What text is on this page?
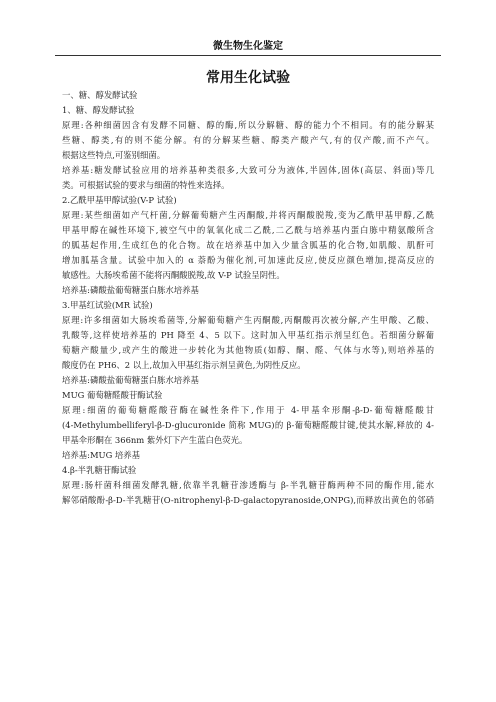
微生物生化鉴定
常用生化试验
一、糖、醇发酵试验
1、糖、醇发酵试验
原理:各种细菌因含有发酵不同糖、醇的酶,所以分解糖、醇的能力个不相同。有的能分解某
些糖、醇类,有的则不能分解。有的分解某些糖、醇类产酸产气,有的仅产酸,而不产气。
根据这些特点,可鉴别细菌。
培养基:糖发酵试验应用的培养基种类很多,大致可分为液体,半固体,固体(高层、斜面)等几
类。可根据试验的要求与细菌的特性来选择。
2.乙酰甲基甲醇试验(V-P 试验)
原理:某些细菌如产气杆菌,分解葡萄糖产生丙酮酸,并将丙酮酸脱羧,变为乙酰甲基甲醇,乙酰
甲基甲醇在碱性环境下,被空气中的氧氧化成二乙酰,二乙酰与培养基内蛋白胨中精氨酸所含
的胍基起作用,生成红色的化合物。故在培养基中加入少量含胍基的化合物,如肌酸、肌酐可
增加胍基含量。试验中加入的 α 萘酚为催化剂,可加速此反应,使反应颜色增加,提高反应的
敏感性。大肠埃希菌不能将丙酮酸脱羧,故 V-P 试验呈阴性。
培养基:磷酸盐葡萄糖蛋白胨水培养基
3.甲基红试验(MR 试验)
原理:许多细菌如大肠埃希菌等,分解葡萄糖产生丙酮酸,丙酮酸再次被分解,产生甲酸、乙酸、
乳酸等,这样使培养基的 PH 降至 4、5 以下。这时加入甲基红指示剂呈红色。若细菌分解葡
萄糖产酸量少,或产生的酸进一步转化为其他物质(如醇、酮、醛、气体与水等),则培养基的
酸度仍在 PH6、2 以上,故加入甲基红指示剂呈黄色,为阴性反应。
培养基:磷酸盐葡萄糖蛋白胨水培养基
MUG 葡萄糖醛酸苷酶试验
原理:细菌的葡萄糖醛酸苷酶在碱性条件下,作用于 4-甲基伞形酮-β-D-葡萄糖醛酸甘
(4-Methylumbelliferyl-β-D-glucuronide 简称 MUG)的 β-葡萄糖醛酸甘键,使其水解,释放的 4-
甲基伞形酮在 366nm 紫外灯下产生蓝白色荧光。
培养基:MUG 培养基
4.β-半乳糖苷酶试验
原理:肠杆菌科细菌发酵乳糖,依靠半乳糖苷渗透酶与 β-半乳糖苷酶两种不同的酶作用,能水
解邻硝酸酚-β-D-半乳糖苷(O-nitrophenyl-β-D-galactopyranoside,ONPG),而释放出黄色的邻硝
